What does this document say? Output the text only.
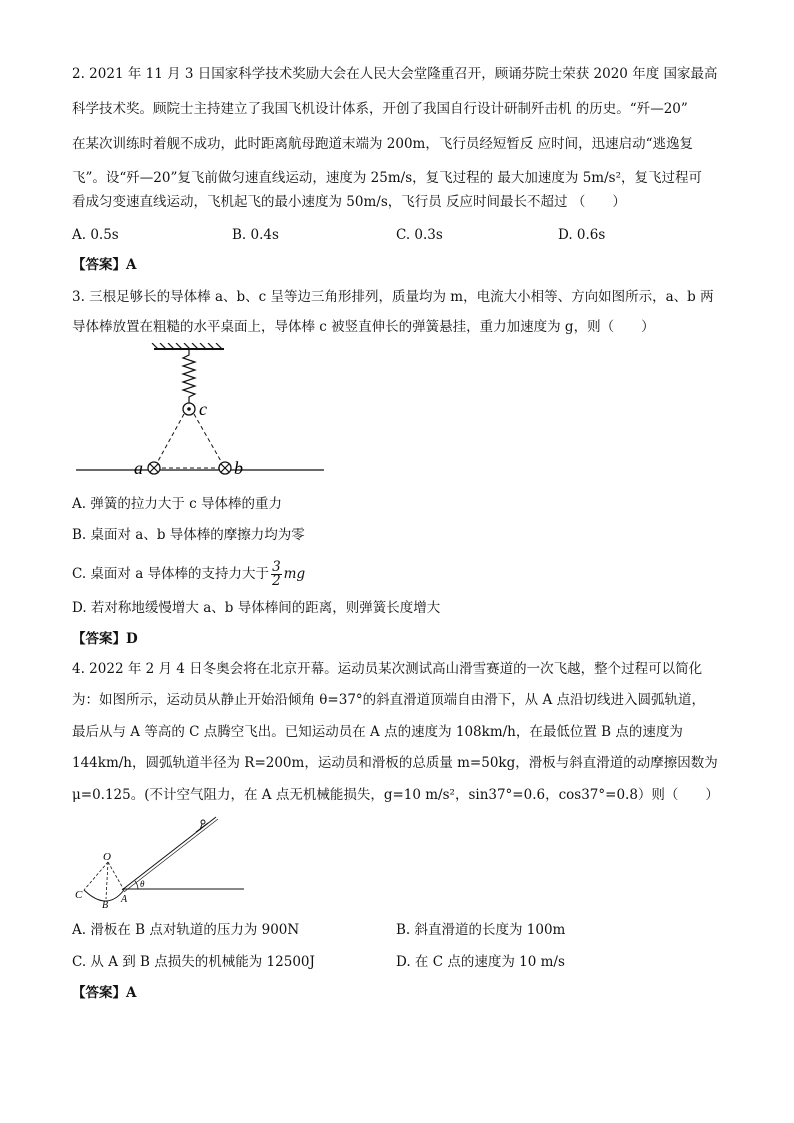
2. 2021 年 11 月 3 日国家科学技术奖励大会在人民大会堂隆重召开，顾诵芬院士荣获 2020 年度 国家最高
科学技术奖。顾院士主持建立了我国飞机设计体系，开创了我国自行设计研制歼击机 的历史。“歼—20”
在某次训练时着舰不成功，此时距离航母跑道末端为 200m，飞行员经短暂反 应时间，迅速启动“逃逸复
飞”。设“歼—20”复飞前做匀速直线运动，速度为 25m/s，复飞过程的 最大加速度为 5m/s²，复飞过程可
看成匀变速直线运动，飞机起飞的最小速度为 50m/s，飞行员 反应时间最长不超过 （　　）
A. 0.5s	B. 0.4s	C. 0.3s	D. 0.6s
【答案】A
3. 三根足够长的导体棒 a、b、c 呈等边三角形排列，质量均为 m，电流大小相等、方向如图所示，a、b 两
导体棒放置在粗糙的水平桌面上，导体棒 c 被竖直伸长的弹簧悬挂，重力加速度为 g，则（　　）
c
a	b
A. 弹簧的拉力大于 c 导体棒的重力
B. 桌面对 a、b 导体棒的摩擦力均为零
C. 桌面对 a 导体棒的支持力大于 $\frac{3}{2}$ mg
D. 若对称地缓慢增大 a、b 导体棒间的距离，则弹簧长度增大
【答案】D
4. 2022 年 2 月 4 日冬奥会将在北京开幕。运动员某次测试高山滑雪赛道的一次飞越，整个过程可以简化
为：如图所示，运动员从静止开始沿倾角 θ=37°的斜直滑道顶端自由滑下，从 A 点沿切线进入圆弧轨道，
最后从与 A 等高的 C 点腾空飞出。已知运动员在 A 点的速度为 108km/h，在最低位置 B 点的速度为
144km/h，圆弧轨道半径为 R=200m，运动员和滑板的总质量 m=50kg，滑板与斜直滑道的动摩擦因数为
μ=0.125。(不计空气阻力，在 A 点无机械能损失，g=10 m/s²，sin37°=0.6，cos37°=0.8）则（　　）
O
C
B
A
θ
A. 滑板在 B 点对轨道的压力为 900N	B. 斜直滑道的长度为 100m
C. 从 A 到 B 点损失的机械能为 12500J	D. 在 C 点的速度为 10 m/s
【答案】A
